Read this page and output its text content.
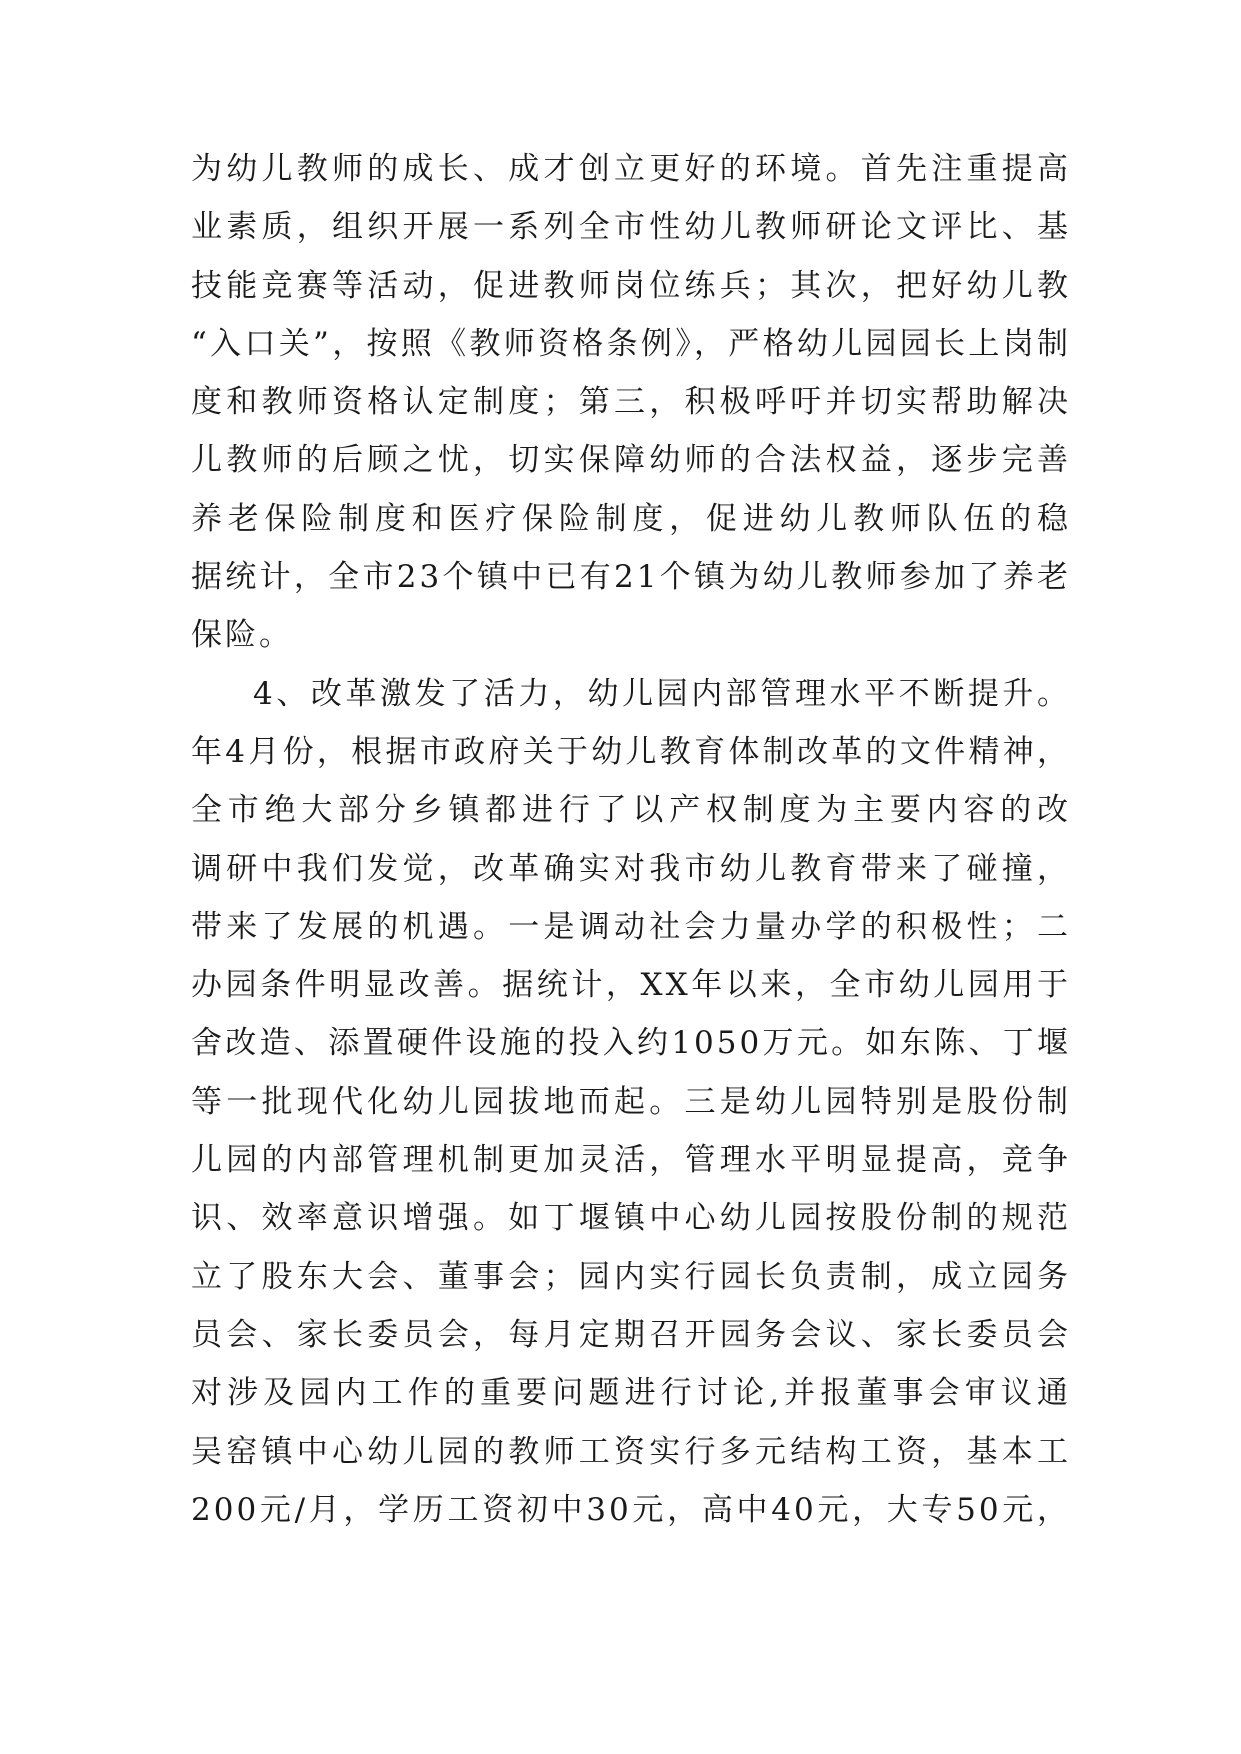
为幼儿教师的成长、成才创立更好的环境。首先注重提高
业素质，组织开展一系列全市性幼儿教师研论文评比、基
技能竞赛等活动，促进教师岗位练兵；其次，把好幼儿教
“入口关”，按照《教师资格条例》，严格幼儿园园长上岗制
度和教师资格认定制度；第三，积极呼吁并切实帮助解决
儿教师的后顾之忧，切实保障幼师的合法权益，逐步完善
养老保险制度和医疗保险制度，促进幼儿教师队伍的稳
据统计，全市23个镇中已有21个镇为幼儿教师参加了养老
保险。
4、改革激发了活力，幼儿园内部管理水平不断提升。
年4月份，根据市政府关于幼儿教育体制改革的文件精神，
全市绝大部分乡镇都进行了以产权制度为主要内容的改
调研中我们发觉，改革确实对我市幼儿教育带来了碰撞，
带来了发展的机遇。一是调动社会力量办学的积极性；二
办园条件明显改善。据统计，XX年以来，全市幼儿园用于
舍改造、添置硬件设施的投入约1050万元。如东陈、丁堰
等一批现代化幼儿园拔地而起。三是幼儿园特别是股份制
儿园的内部管理机制更加灵活，管理水平明显提高，竞争
识、效率意识增强。如丁堰镇中心幼儿园按股份制的规范
立了股东大会、董事会；园内实行园长负责制，成立园务
员会、家长委员会，每月定期召开园务会议、家长委员会
对涉及园内工作的重要问题进行讨论,并报董事会审议通
吴窑镇中心幼儿园的教师工资实行多元结构工资，基本工
200元/月，学历工资初中30元，高中40元，大专50元，
